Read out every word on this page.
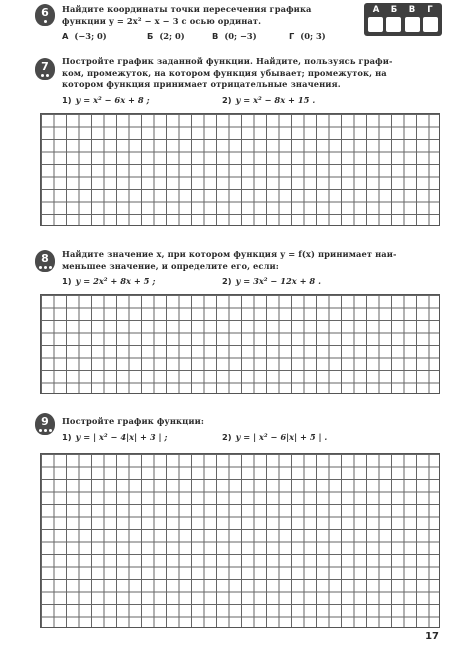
6	Найдите координаты точки пересечения графика
функции y = 2x² − x − 3 с осью ординат.
А (−3; 0)	Б (2; 0)	В (0; −3)	Г (0; 3)
А	Б	В	Г
7	Постройте график заданной функции. Найдите, пользуясь графи-
ком, промежуток, на котором функция убывает; промежуток, на
котором функция принимает отрицательные значения.
1) y = x² − 6x + 8 ;	2) y = x² − 8x + 15 .
8	Найдите значение x, при котором функция y = f(x) принимает наи-
меньшее значение, и определите его, если:
1) y = 2x² + 8x + 5 ;	2) y = 3x² − 12x + 8 .
9	Постройте график функции:
1) y = | x² − 4|x| + 3 | ;	2) y = | x² − 6|x| + 5 | .
17
